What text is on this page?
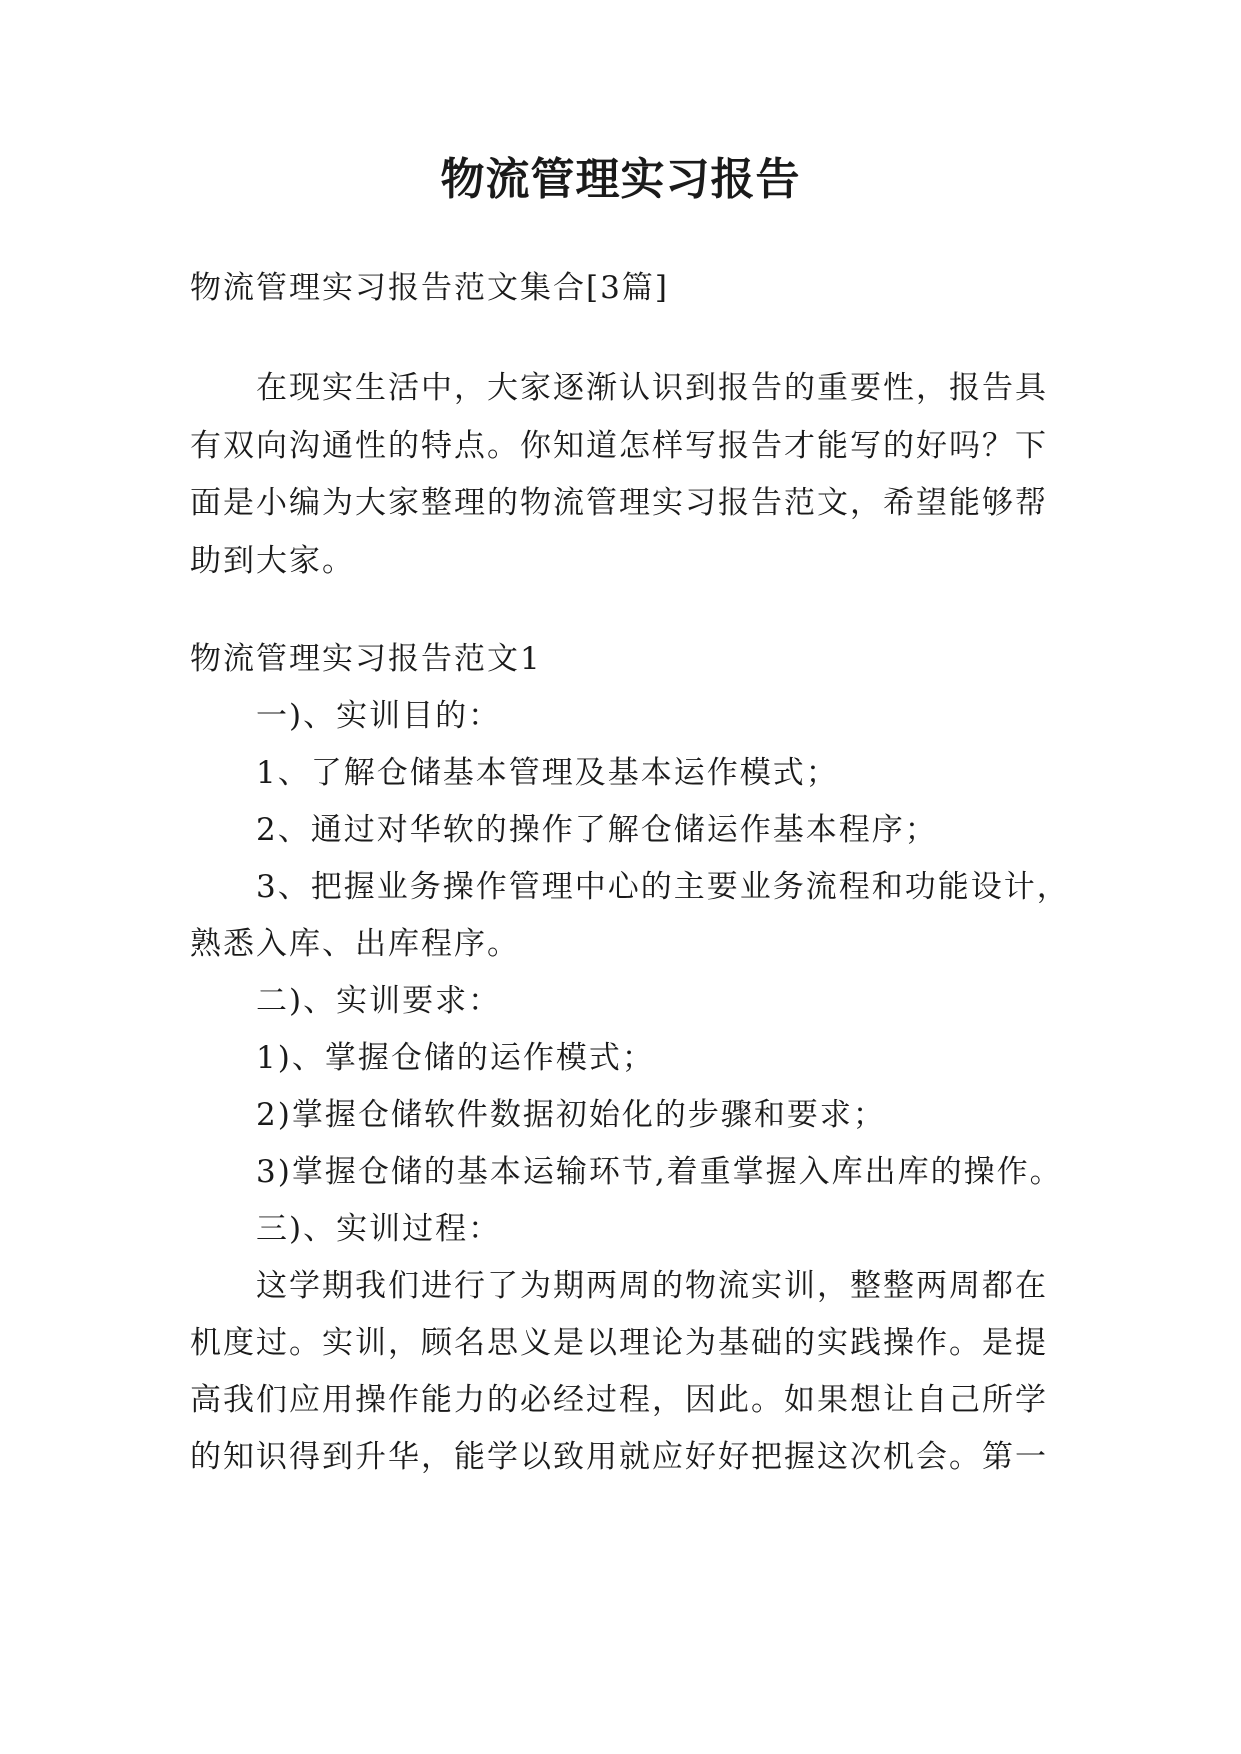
物流管理实习报告
物流管理实习报告范文集合[3篇]
在现实生活中，大家逐渐认识到报告的重要性，报告具
有双向沟通性的特点。你知道怎样写报告才能写的好吗？下
面是小编为大家整理的物流管理实习报告范文，希望能够帮
助到大家。
物流管理实习报告范文1
一)、实训目的：
1、了解仓储基本管理及基本运作模式；
2、通过对华软的操作了解仓储运作基本程序；
3、把握业务操作管理中心的主要业务流程和功能设计，
熟悉入库、出库程序。
二)、实训要求：
1)、掌握仓储的运作模式；
2)掌握仓储软件数据初始化的步骤和要求；
3)掌握仓储的基本运输环节,着重掌握入库出库的操作。
三)、实训过程：
这学期我们进行了为期两周的物流实训，整整两周都在
机度过。实训，顾名思义是以理论为基础的实践操作。是提
高我们应用操作能力的必经过程，因此。如果想让自己所学
的知识得到升华，能学以致用就应好好把握这次机会。第一
